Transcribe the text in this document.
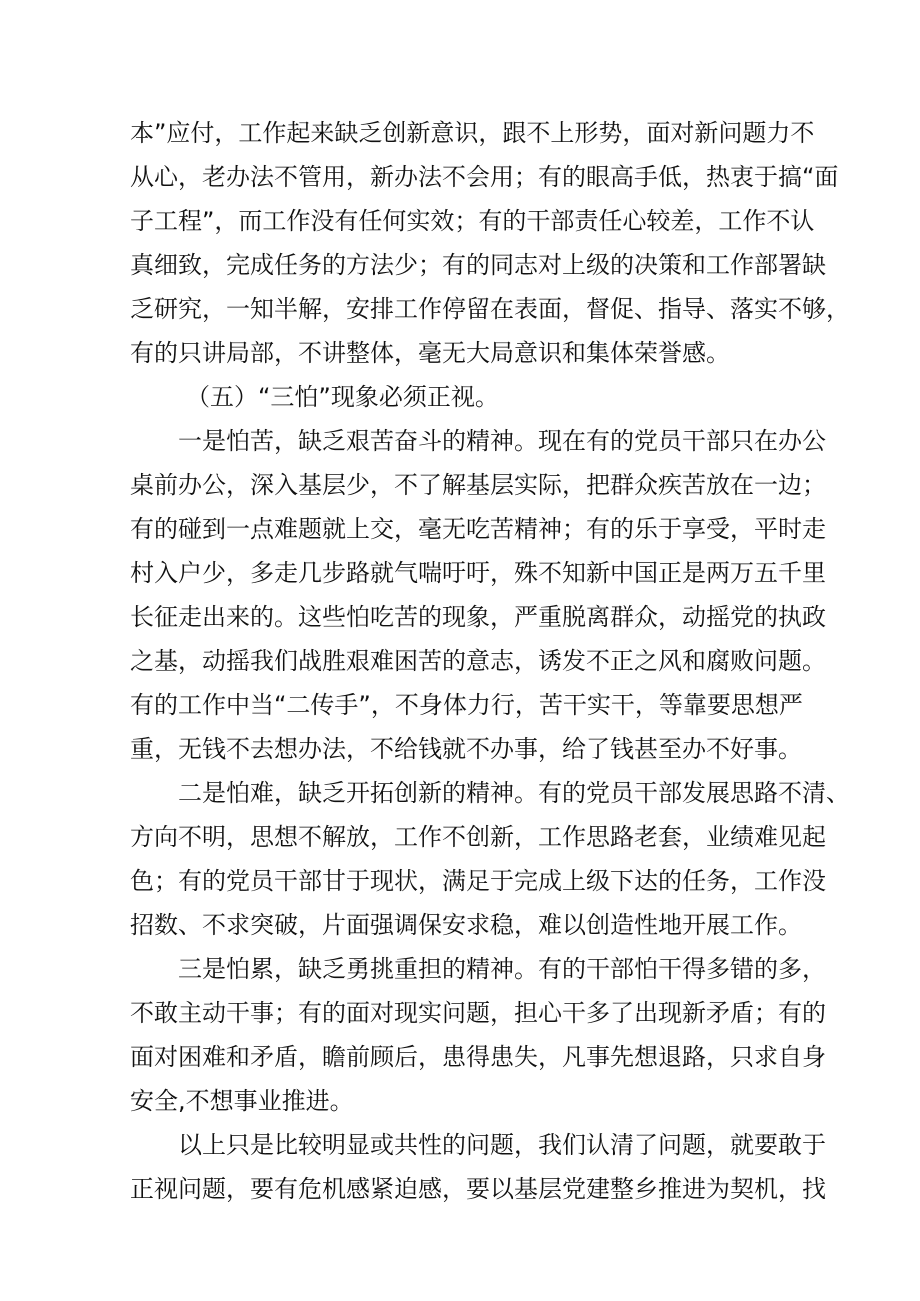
本”应付，工作起来缺乏创新意识，跟不上形势，面对新问题力不
从心，老办法不管用，新办法不会用；有的眼高手低，热衷于搞“面
子工程”，而工作没有任何实效；有的干部责任心较差，工作不认
真细致，完成任务的方法少；有的同志对上级的决策和工作部署缺
乏研究，一知半解，安排工作停留在表面，督促、指导、落实不够，
有的只讲局部，不讲整体，毫无大局意识和集体荣誉感。
（五）“三怕”现象必须正视。
一是怕苦，缺乏艰苦奋斗的精神。现在有的党员干部只在办公
桌前办公，深入基层少，不了解基层实际，把群众疾苦放在一边；
有的碰到一点难题就上交，毫无吃苦精神；有的乐于享受，平时走
村入户少，多走几步路就气喘吁吁，殊不知新中国正是两万五千里
长征走出来的。这些怕吃苦的现象，严重脱离群众，动摇党的执政
之基，动摇我们战胜艰难困苦的意志，诱发不正之风和腐败问题。
有的工作中当“二传手”，不身体力行，苦干实干，等靠要思想严
重，无钱不去想办法，不给钱就不办事，给了钱甚至办不好事。
二是怕难，缺乏开拓创新的精神。有的党员干部发展思路不清、
方向不明，思想不解放，工作不创新，工作思路老套，业绩难见起
色；有的党员干部甘于现状，满足于完成上级下达的任务，工作没
招数、不求突破，片面强调保安求稳，难以创造性地开展工作。
三是怕累，缺乏勇挑重担的精神。有的干部怕干得多错的多，
不敢主动干事；有的面对现实问题，担心干多了出现新矛盾；有的
面对困难和矛盾，瞻前顾后，患得患失，凡事先想退路，只求自身
安全,不想事业推进。
以上只是比较明显或共性的问题，我们认清了问题，就要敢于
正视问题，要有危机感紧迫感，要以基层党建整乡推进为契机，找
